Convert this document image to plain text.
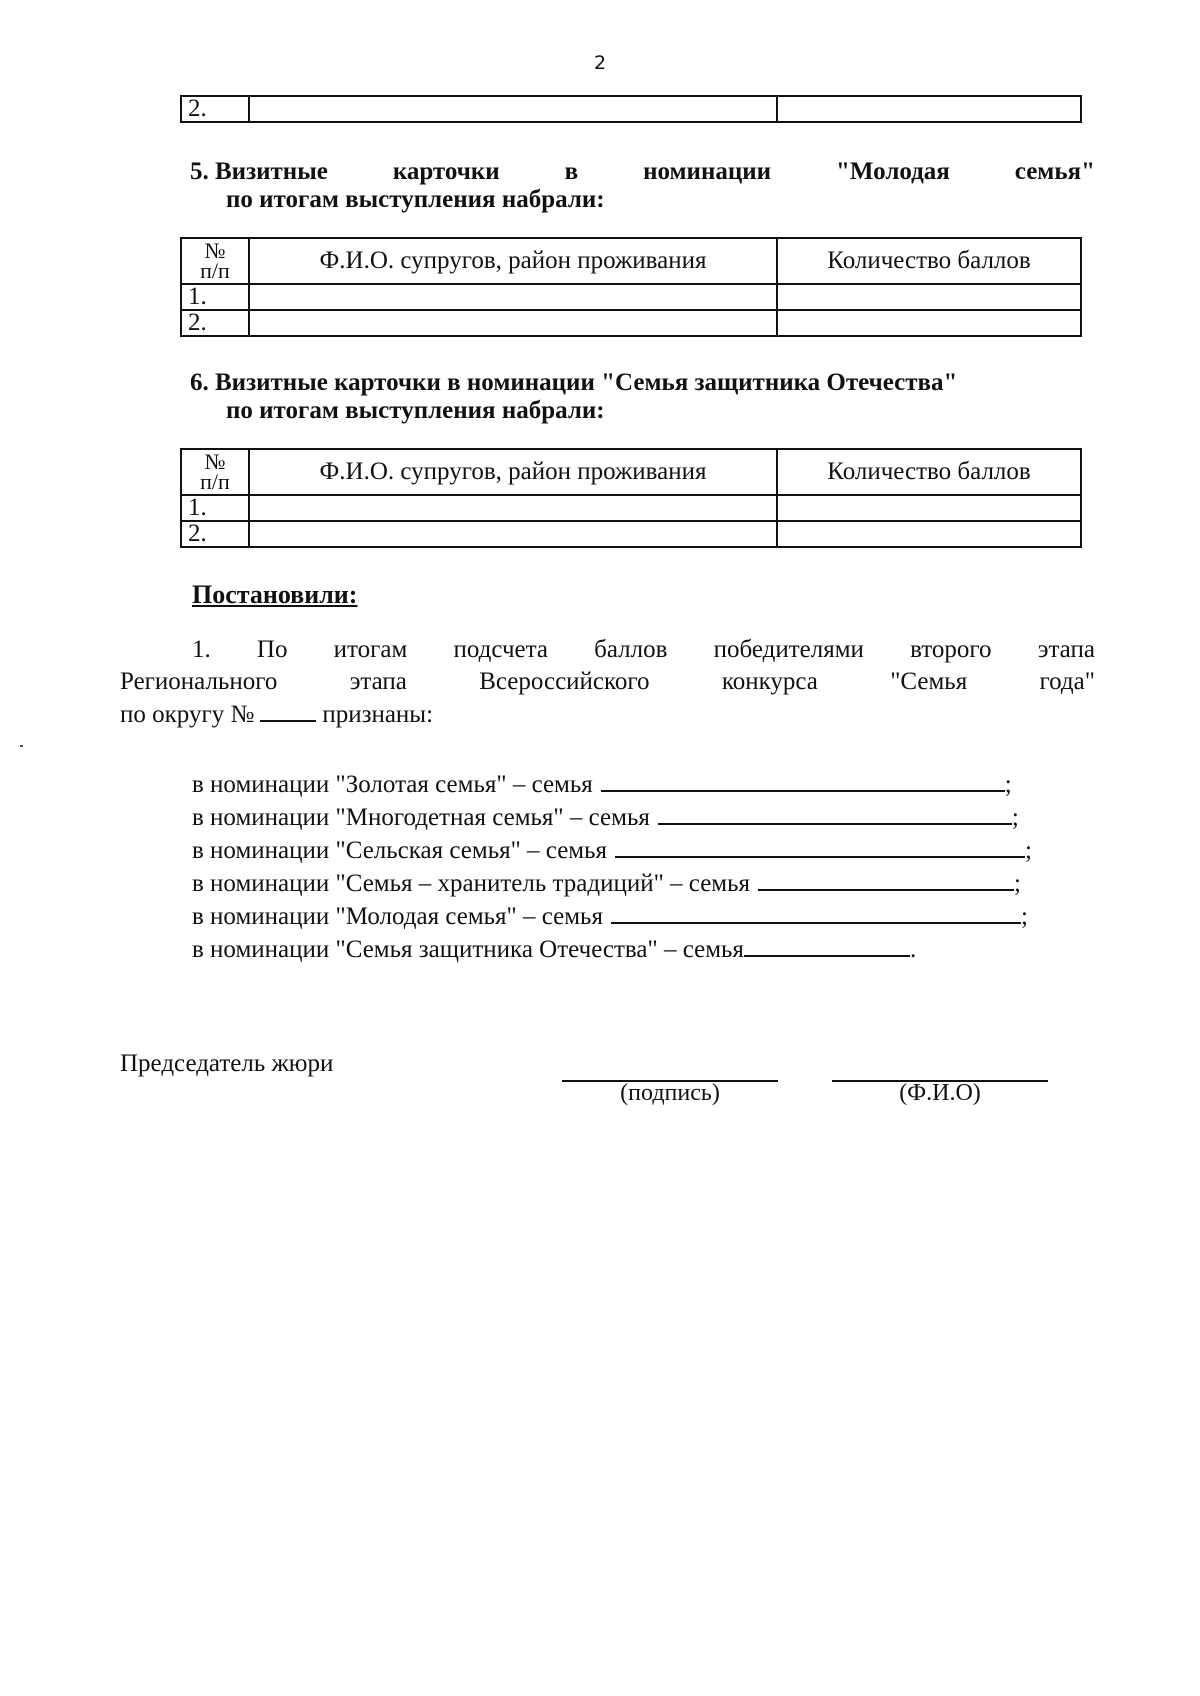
2
2.		
5. Визитные	карточки	в	номинации	"Молодая	семья"
по итогам выступления набрали:
№
п/п	Ф.И.О. супругов, район проживания	Количество баллов
1.		
2.		
6.
Визитные карточки в номинации "Семья защитника Отечества"
по итогам выступления набрали:
№
п/п	Ф.И.О. супругов, район проживания	Количество баллов
1.		
2.		
Постановили:
1. По итогам подсчета баллов победителями второго этапа
Регионального	этапа	Всероссийского	конкурса	"Семья	года"
по округу №	признаны:
в номинации "Золотая семья" – семья	;
в номинации "Многодетная семья" – семья	;
в номинации "Сельская семья" – семья	;
в номинации "Семья – хранитель традиций" – семья	;
в номинации "Молодая семья" – семья	;
в номинации "Семья защитника Отечества" – семья	.
Председатель жюри
(подпись)	(Ф.И.О)
